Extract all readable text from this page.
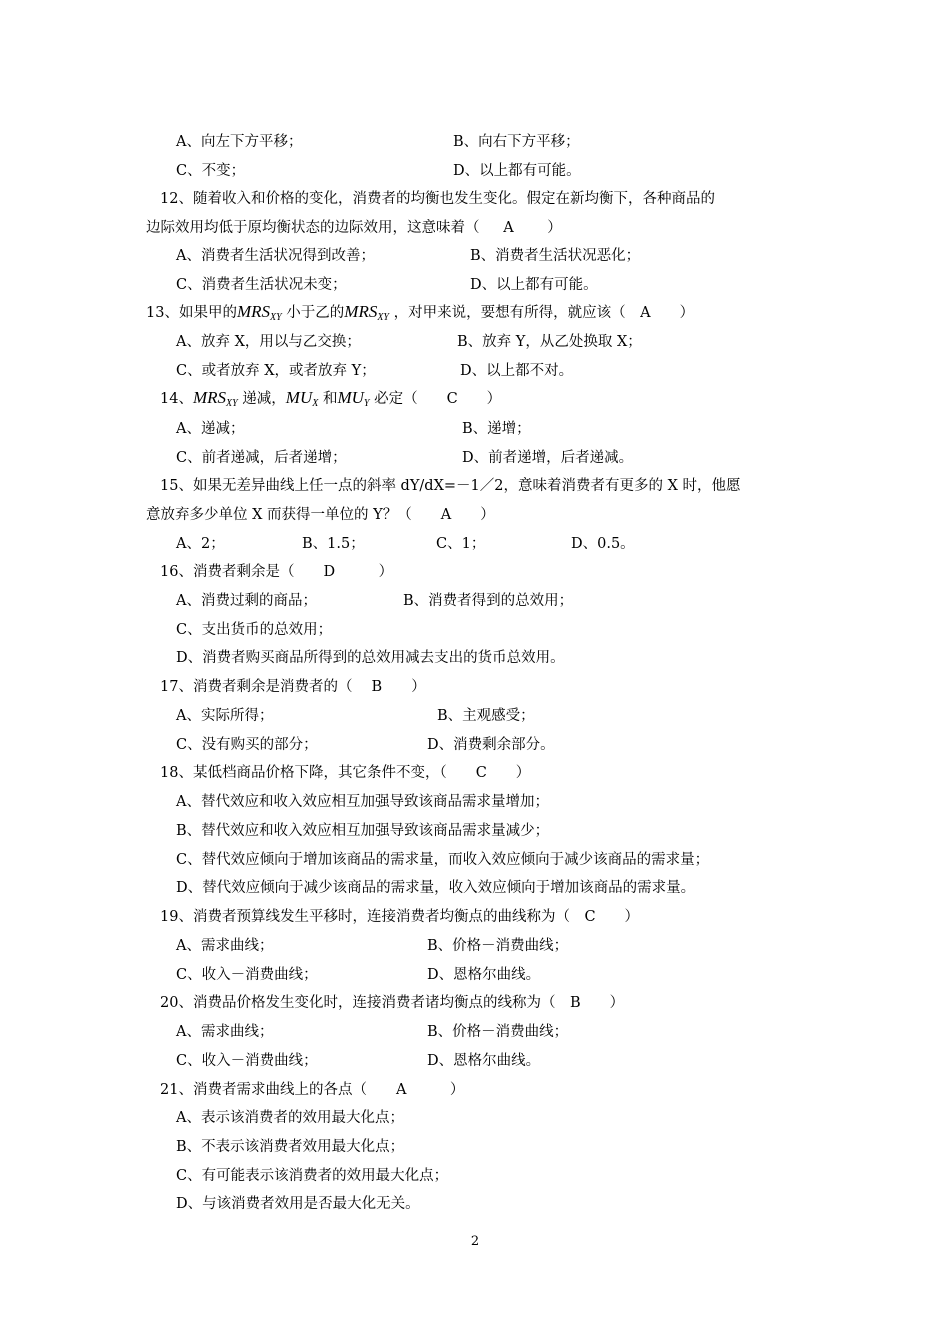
A、向左下方平移；	B、向右下方平移；
C、不变；	D、以上都有可能。
12、随着收入和价格的变化，消费者的均衡也发生变化。假定在新均衡下，各种商品的
边际效用均低于原均衡状态的边际效用，这意味着（ 　 A 　　）
A、消费者生活状况得到改善；	B、消费者生活状况恶化；
C、消费者生活状况未变；	D、以上都有可能。
13、如果甲的$MRS_{XY}$ 小于乙的$MRS_{XY}$ ，对甲来说，要想有所得，就应该（　A　　）
A、放弃 X，用以与乙交换；	B、放弃 Y，从乙处换取 X；
C、或者放弃 X，或者放弃 Y；	D、以上都不对。
14、$MRS_{XY}$ 递减，$MU_X$ 和$MU_Y$ 必定（　　C　　）
A、递减；	B、递增；
C、前者递减，后者递增；	D、前者递增，后者递减。
15、如果无差异曲线上任一点的斜率 dY/dX=－1／2，意味着消费者有更多的 X 时，他愿
意放弃多少单位 X 而获得一单位的 Y？（　　A　　）
A、2；	B、1.5；	C、1；	D、0.5。
16、消费者剩余是（　　D　　　）
A、消费过剩的商品；	B、消费者得到的总效用；
C、支出货币的总效用；
D、消费者购买商品所得到的总效用减去支出的货币总效用。
17、消费者剩余是消费者的（　 B　　）
A、实际所得；	B、主观感受；
C、没有购买的部分；	D、消费剩余部分。
18、某低档商品价格下降，其它条件不变，（　　C　　）
A、替代效应和收入效应相互加强导致该商品需求量增加；
B、替代效应和收入效应相互加强导致该商品需求量减少；
C、替代效应倾向于增加该商品的需求量，而收入效应倾向于减少该商品的需求量；
D、替代效应倾向于减少该商品的需求量，收入效应倾向于增加该商品的需求量。
19、消费者预算线发生平移时，连接消费者均衡点的曲线称为（　C　　）
A、需求曲线；	B、价格－消费曲线；
C、收入－消费曲线；	D、恩格尔曲线。
20、消费品价格发生变化时，连接消费者诸均衡点的线称为（　B　　）
A、需求曲线；	B、价格－消费曲线；
C、收入－消费曲线；	D、恩格尔曲线。
21、消费者需求曲线上的各点（　　A　　　）
A、表示该消费者的效用最大化点；
B、不表示该消费者效用最大化点；
C、有可能表示该消费者的效用最大化点；
D、与该消费者效用是否最大化无关。
2
